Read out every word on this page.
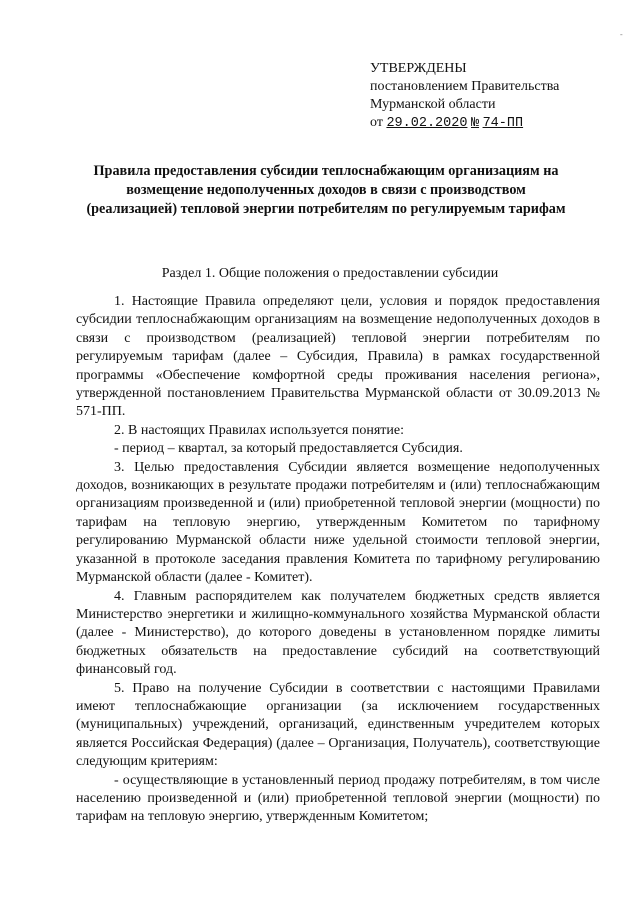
-
УТВЕРЖДЕНЫ
постановлением Правительства
Мурманской области
от 29.02.2020 № 74-ПП
Правила предоставления субсидии теплоснабжающим организациям на возмещение недополученных доходов в связи с производством (реализацией) тепловой энергии потребителям по регулируемым тарифам
Раздел 1. Общие положения о предоставлении субсидии

1. Настоящие Правила определяют цели, условия и порядок предоставления субсидии теплоснабжающим организациям на возмещение недополученных доходов в связи с производством (реализацией) тепловой энергии потребителям по регулируемым тарифам (далее – Субсидия, Правила) в рамках государственной программы «Обеспечение комфортной среды проживания населения региона», утвержденной постановлением Правительства Мурманской области от 30.09.2013 № 571-ПП.

2. В настоящих Правилах используется понятие:

- период – квартал, за который предоставляется Субсидия.

3. Целью предоставления Субсидии является возмещение недополученных доходов, возникающих в результате продажи потребителям и (или) теплоснабжающим организациям произведенной и (или) приобретенной тепловой энергии (мощности) по тарифам на тепловую энергию, утвержденным Комитетом по тарифному регулированию Мурманской области ниже удельной стоимости тепловой энергии, указанной в протоколе заседания правления Комитета по тарифному регулированию Мурманской области (далее - Комитет).

4. Главным распорядителем как получателем бюджетных средств является Министерство энергетики и жилищно-коммунального хозяйства Мурманской области (далее - Министерство), до которого доведены в установленном порядке лимиты бюджетных обязательств на предоставление субсидий на соответствующий финансовый год.

5. Право на получение Субсидии в соответствии с настоящими Правилами имеют теплоснабжающие организации (за исключением государственных (муниципальных) учреждений, организаций, единственным учредителем которых является Российская Федерация) (далее – Организация, Получатель), соответствующие следующим критериям:

- осуществляющие в установленный период продажу потребителям, в том числе населению произведенной и (или) приобретенной тепловой энергии (мощности) по тарифам на тепловую энергию, утвержденным Комитетом;
